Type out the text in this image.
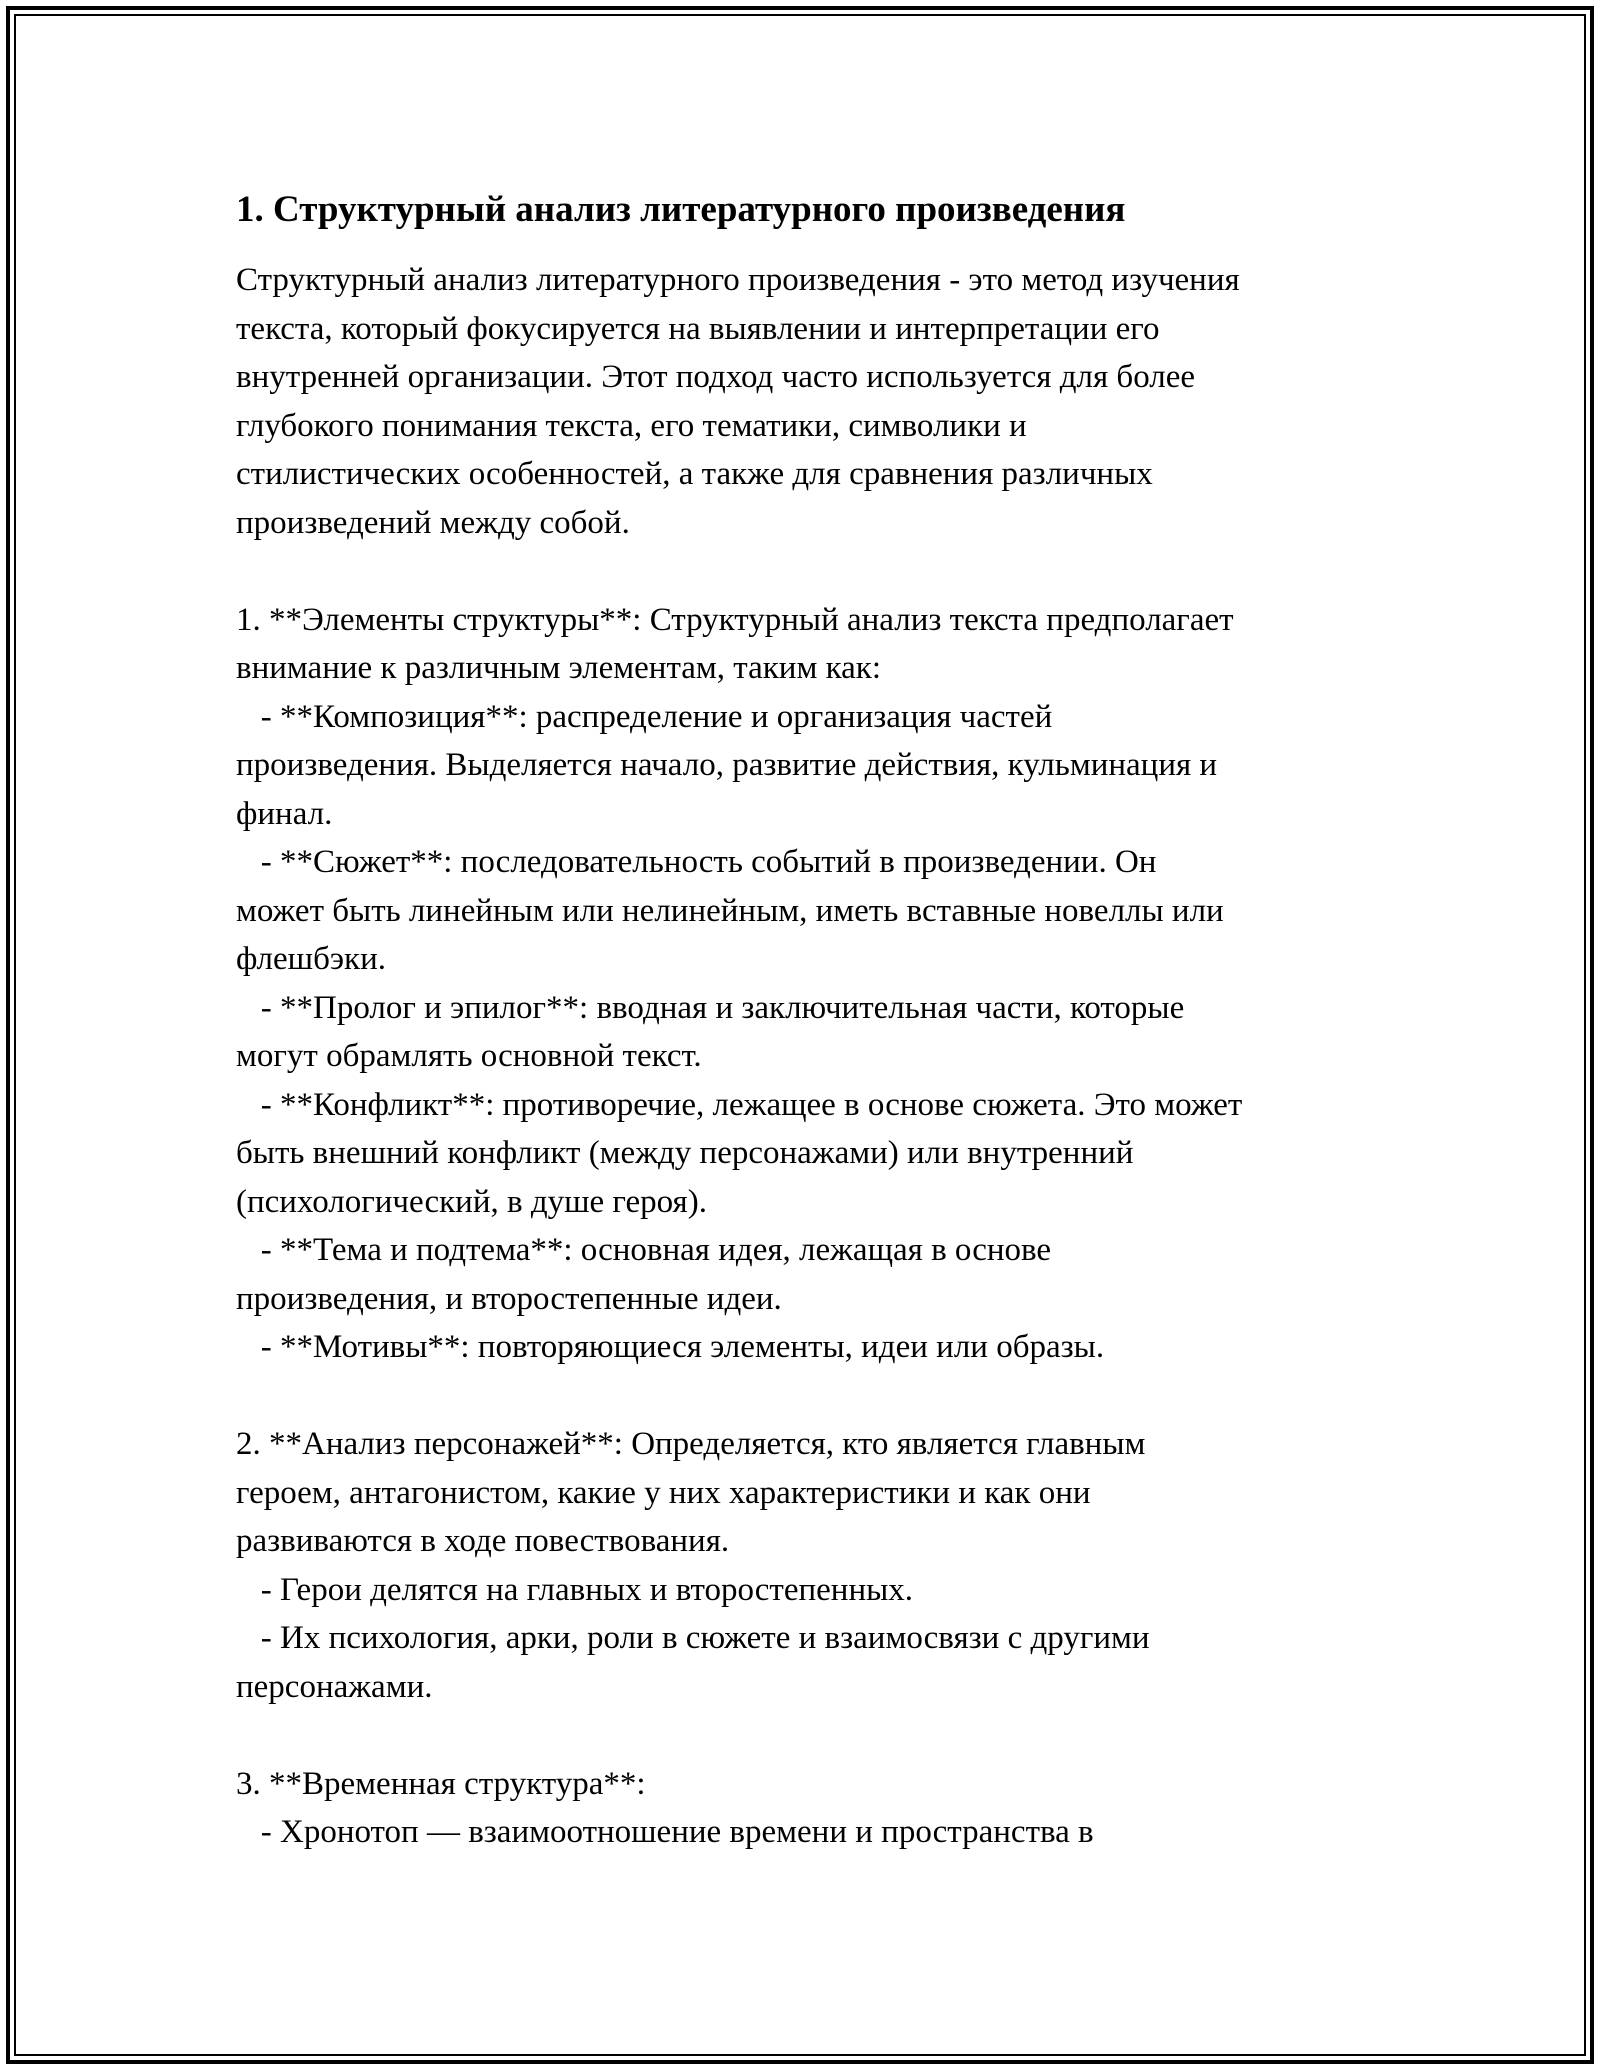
1. Структурный анализ литературного произведения
Структурный анализ литературного произведения - это метод изучения
текста, который фокусируется на выявлении и интерпретации его
внутренней организации. Этот подход часто используется для более
глубокого понимания текста, его тематики, символики и
стилистических особенностей, а также для сравнения различных
произведений между собой.
1. **Элементы структуры**: Структурный анализ текста предполагает
внимание к различным элементам, таким как:
- **Композиция**: распределение и организация частей
произведения. Выделяется начало, развитие действия, кульминация и
финал.
- **Сюжет**: последовательность событий в произведении. Он
может быть линейным или нелинейным, иметь вставные новеллы или
флешбэки.
- **Пролог и эпилог**: вводная и заключительная части, которые
могут обрамлять основной текст.
- **Конфликт**: противоречие, лежащее в основе сюжета. Это может
быть внешний конфликт (между персонажами) или внутренний
(психологический, в душе героя).
- **Тема и подтема**: основная идея, лежащая в основе
произведения, и второстепенные идеи.
- **Мотивы**: повторяющиеся элементы, идеи или образы.
2. **Анализ персонажей**: Определяется, кто является главным
героем, антагонистом, какие у них характеристики и как они
развиваются в ходе повествования.
- Герои делятся на главных и второстепенных.
- Их психология, арки, роли в сюжете и взаимосвязи с другими
персонажами.
3. **Временная структура**:
- Хронотоп — взаимоотношение времени и пространства в
